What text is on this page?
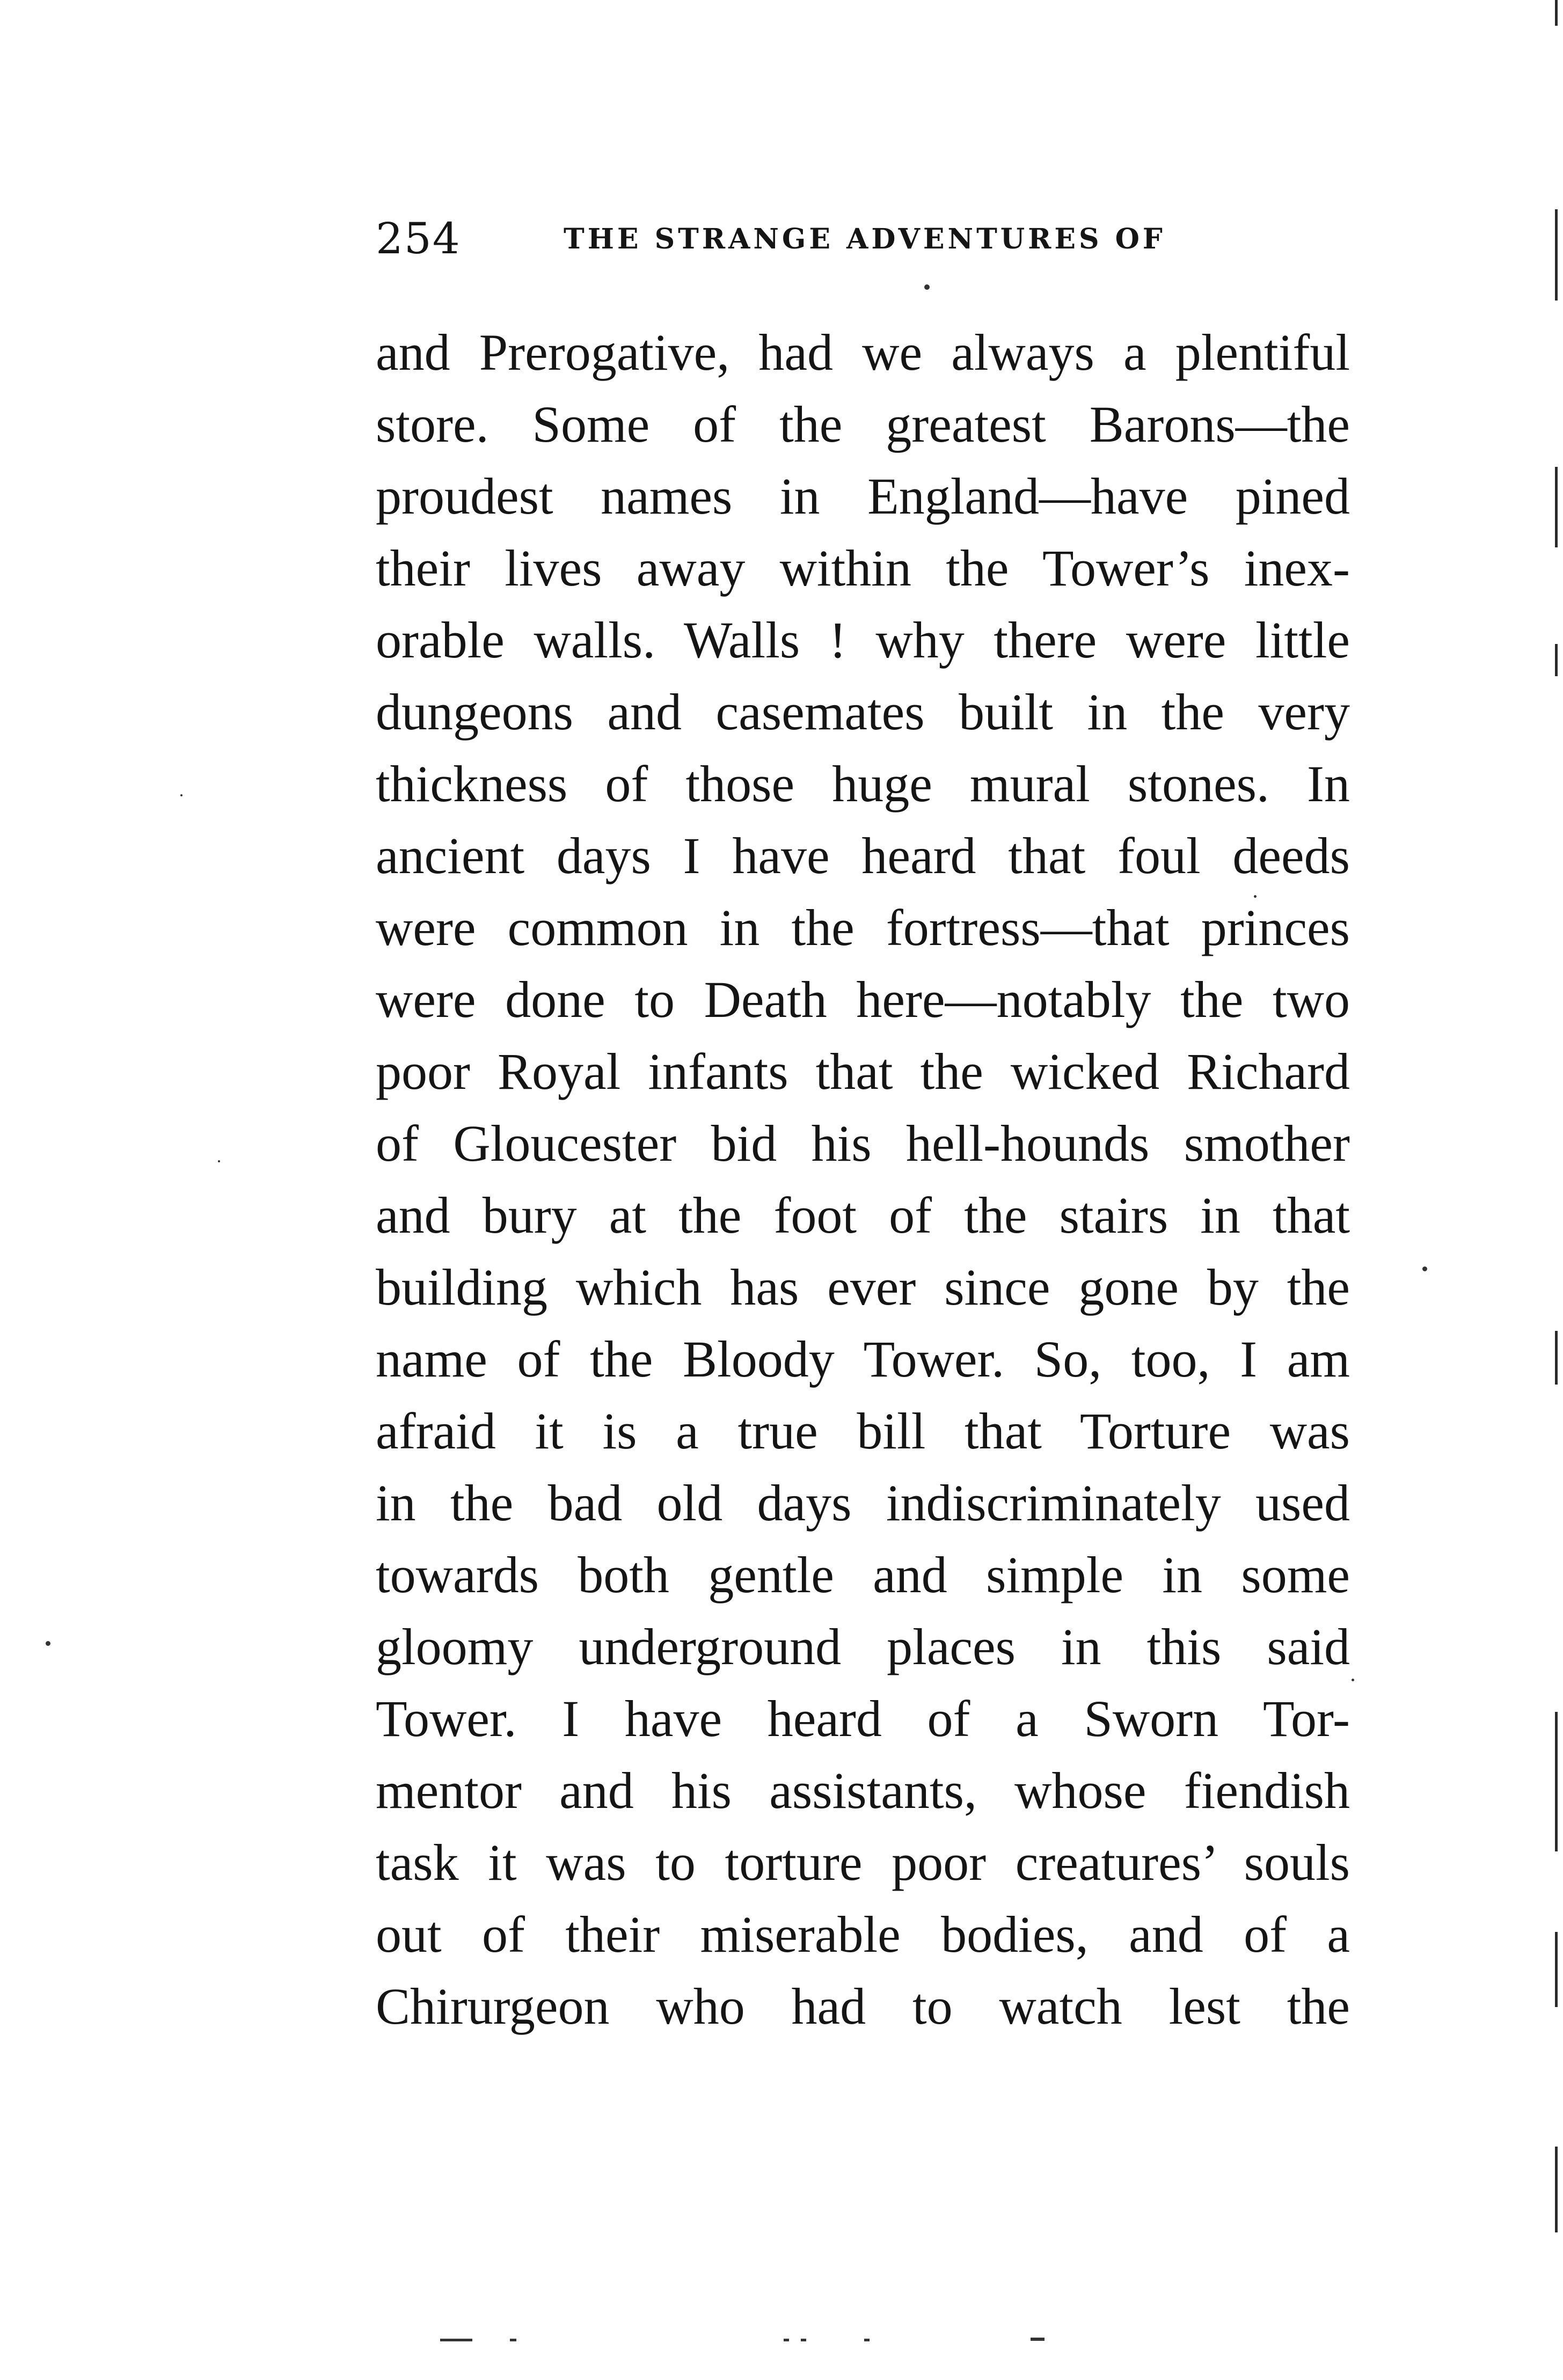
254	THE STRANGE ADVENTURES OF
and Prerogative, had we always a plentiful
store. Some of the greatest Barons—the
proudest names in England—have pined
their lives away within the Tower’s inex-
orable walls. Walls ! why there were little
dungeons and casemates built in the very
thickness of those huge mural stones. In
ancient days I have heard that foul deeds
were common in the fortress—that princes
were done to Death here—notably the two
poor Royal infants that the wicked Richard
of Gloucester bid his hell-hounds smother
and bury at the foot of the stairs in that
building which has ever since gone by the
name of the Bloody Tower. So, too, I am
afraid it is a true bill that Torture was
in the bad old days indiscriminately used
towards both gentle and simple in some
gloomy underground places in this said
Tower. I have heard of a Sworn Tor-
mentor and his assistants, whose fiendish
task it was to torture poor creatures’ souls
out of their miserable bodies, and of a
Chirurgeon who had to watch lest the
